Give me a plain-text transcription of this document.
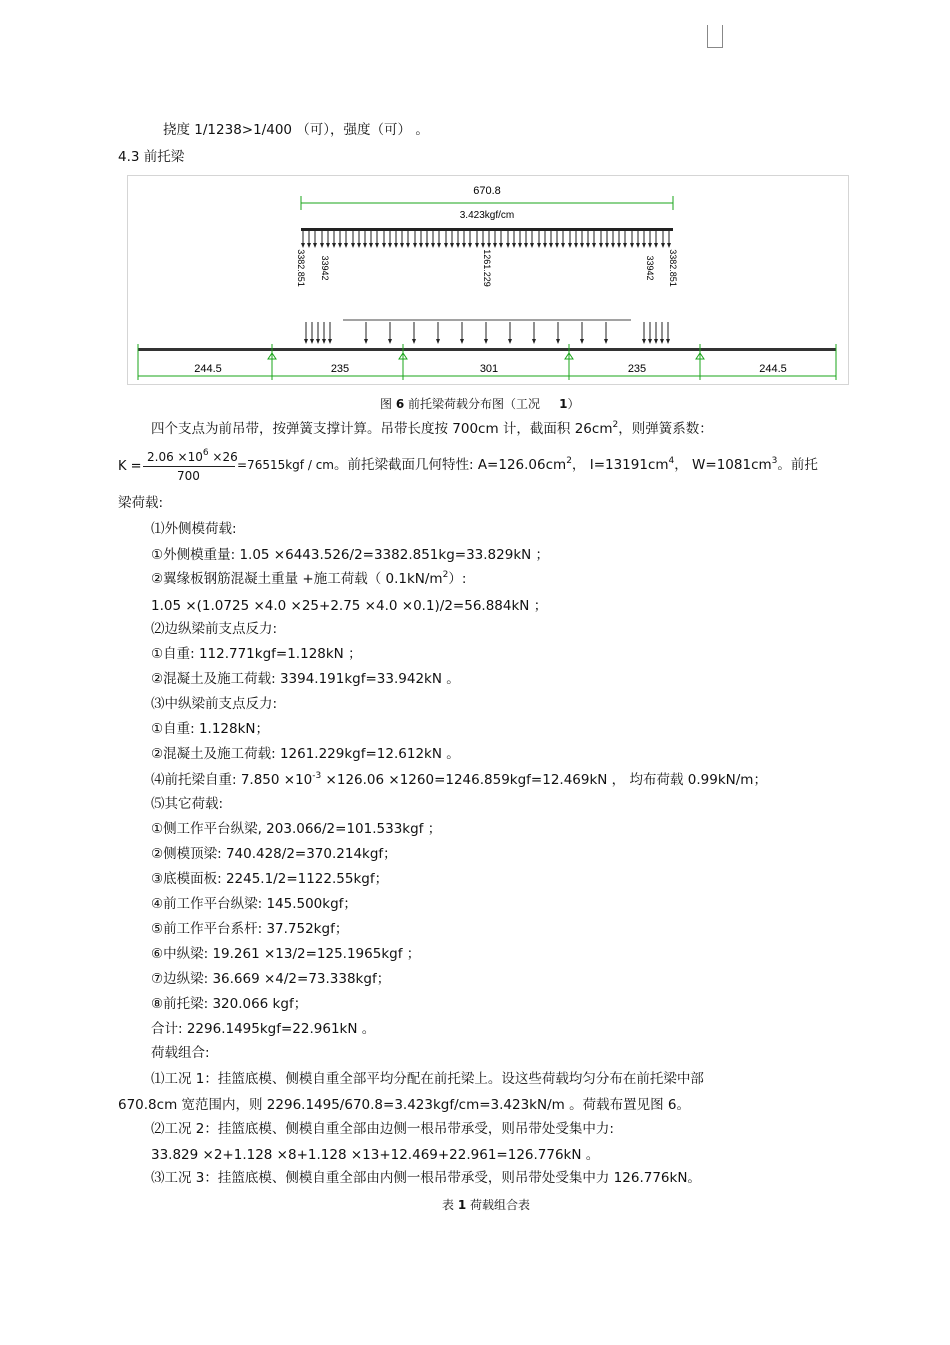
挠度 1/1238>1/400 （可），强度（可） 。
4.3 前托梁
670.8
3.423kgf/cm
3382.851 33942	1261.229	33942 3382.851
244.5	235	301	235	244.5
图 6 前托梁荷载分布图（工况 1）
四个支点为前吊带，按弹簧支撑计算。吊带长度按 700cm 计，截面积 $26cm^2$，则弹簧系数：
K =
$2.06 \times 10^6 \times 26$
700
=76515kgf / cm。前托梁截面几何特性: $A=126.06cm^2$， $I=13191cm^4$， $W=1081cm^3$。前托
梁荷载:
⑴外侧模荷载:
①外侧模重量: 1.05 ×6443.526/2=3382.851kg=33.829kN ；
②翼缘板钢筋混凝土重量 +施工荷载（ $0.1kN/m^2$）:
1.05 ×(1.0725 ×4.0 ×25+2.75 ×4.0 ×0.1)/2=56.884kN ；
⑵边纵梁前支点反力:
①自重: 112.771kgf=1.128kN ；
②混凝土及施工荷载: 3394.191kgf=33.942kN 。
⑶中纵梁前支点反力:
①自重: 1.128kN；
②混凝土及施工荷载: 1261.229kgf=12.612kN 。
⑷前托梁自重: $7.850 \times 10^{-3} \times 126.06 \times 1260=1246.859kgf=12.469kN$ ， 均布荷载 0.99kN/m；
⑸其它荷载:
①侧工作平台纵梁, 203.066/2=101.533kgf ；
②侧模顶梁: 740.428/2=370.214kgf；
③底模面板: 2245.1/2=1122.55kgf；
④前工作平台纵梁: 145.500kgf；
⑤前工作平台系杆: 37.752kgf；
⑥中纵梁: 19.261 ×13/2=125.1965kgf ；
⑦边纵梁: 36.669 ×4/2=73.338kgf；
⑧前托梁: 320.066 kgf；
合计: 2296.1495kgf=22.961kN 。
荷载组合:
⑴工况 1：挂篮底模、侧模自重全部平均分配在前托梁上。设这些荷载均匀分布在前托梁中部
670.8cm 宽范围内，则 2296.1495/670.8=3.423kgf/cm=3.423kN/m 。荷载布置见图 6。
⑵工况 2：挂篮底模、侧模自重全部由边侧一根吊带承受，则吊带处受集中力:
33.829 ×2+1.128 ×8+1.128 ×13+12.469+22.961=126.776kN 。
⑶工况 3：挂篮底模、侧模自重全部由内侧一根吊带承受，则吊带处受集中力 126.776kN。
表 1 荷载组合表
